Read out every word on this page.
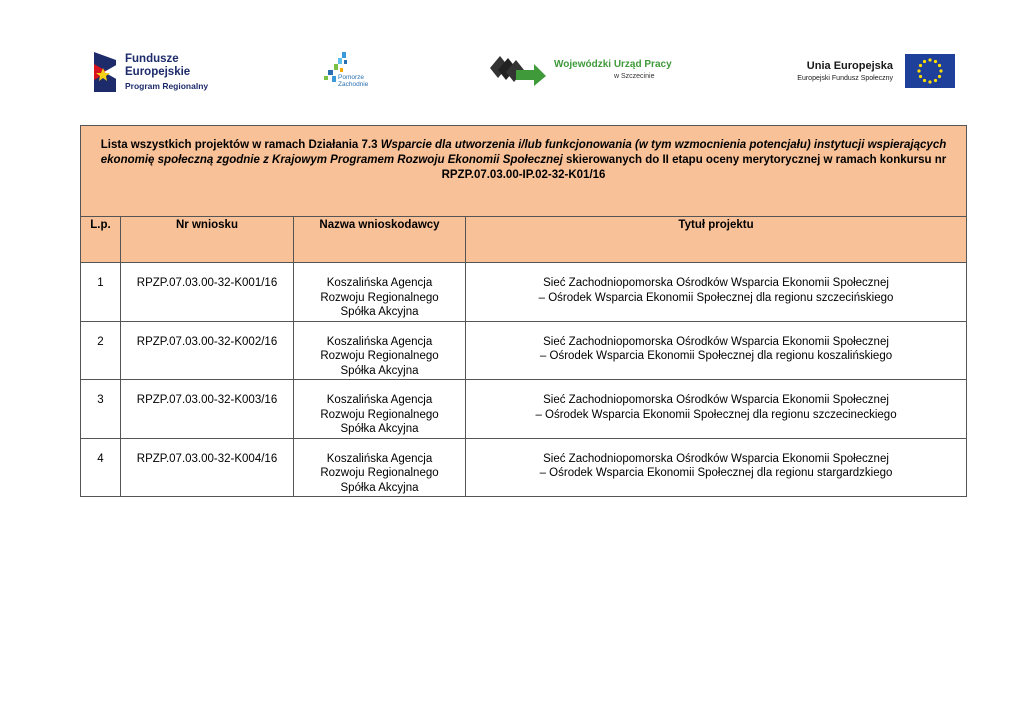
Fundusze
Europejskie
Program Regionalny
Pomorze
Zachodnie
Wojewódzki Urząd Pracy
w Szczecinie
Unia Europejska
Europejski Fundusz Społeczny
Lista wszystkich projektów w ramach Działania 7.3 Wsparcie dla utworzenia i/lub funkcjonowania (w tym wzmocnienia potencjału) instytucji wspierających ekonomię społeczną zgodnie z Krajowym Programem Rozwoju Ekonomii Społecznej skierowanych do II etapu oceny merytorycznej w ramach konkursu nr RPZP.07.03.00-IP.02-32-K01/16			
L.p.	Nr wniosku	Nazwa wnioskodawcy	Tytuł projektu
1	RPZP.07.03.00-32-K001/16	Koszalińska Agencja
Rozwoju Regionalnego
Spółka Akcyjna	Sieć Zachodniopomorska Ośrodków Wsparcia Ekonomii Społecznej
– Ośrodek Wsparcia Ekonomii Społecznej dla regionu szczecińskiego
2	RPZP.07.03.00-32-K002/16	Koszalińska Agencja
Rozwoju Regionalnego
Spółka Akcyjna	Sieć Zachodniopomorska Ośrodków Wsparcia Ekonomii Społecznej
– Ośrodek Wsparcia Ekonomii Społecznej dla regionu koszalińskiego
3	RPZP.07.03.00-32-K003/16	Koszalińska Agencja
Rozwoju Regionalnego
Spółka Akcyjna	Sieć Zachodniopomorska Ośrodków Wsparcia Ekonomii Społecznej
– Ośrodek Wsparcia Ekonomii Społecznej dla regionu szczecineckiego
4	RPZP.07.03.00-32-K004/16	Koszalińska Agencja
Rozwoju Regionalnego
Spółka Akcyjna	Sieć Zachodniopomorska Ośrodków Wsparcia Ekonomii Społecznej
– Ośrodek Wsparcia Ekonomii Społecznej dla regionu stargardzkiego
